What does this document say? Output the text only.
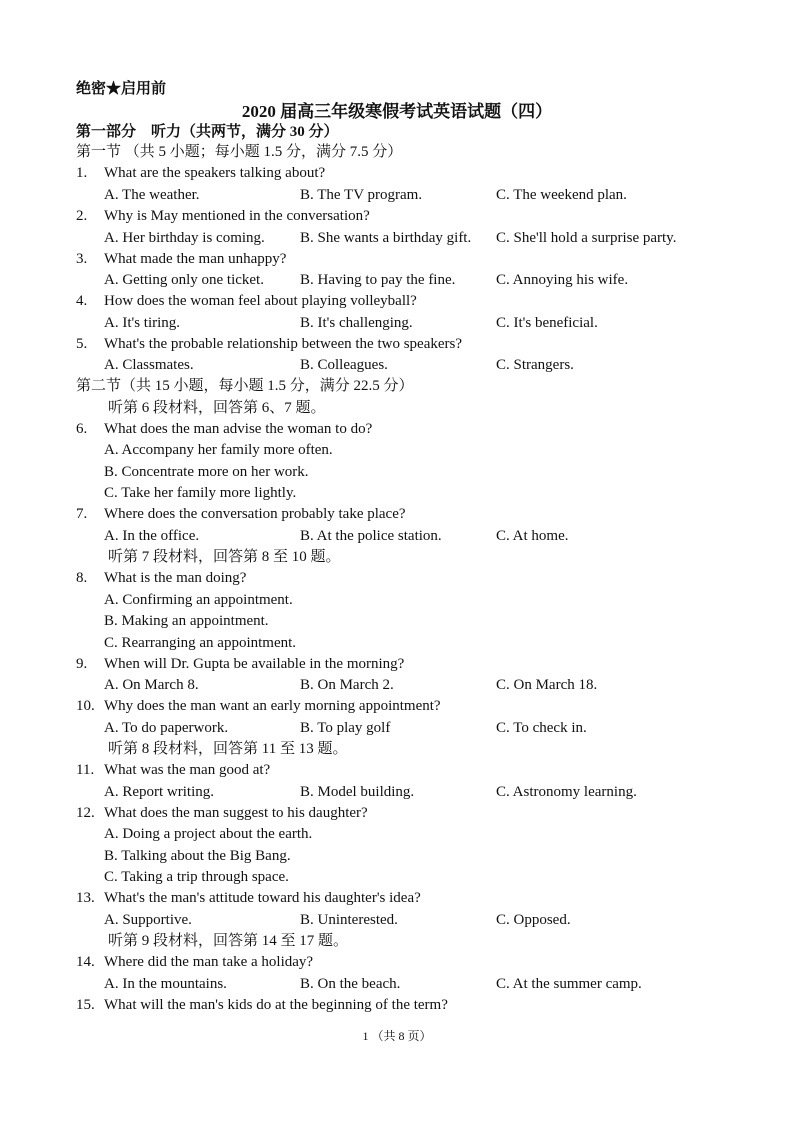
绝密★启用前
2020 届高三年级寒假考试英语试题（四）
第一部分　听力（共两节，满分 30 分）
第一节 （共 5 小题；每小题 1.5 分，满分 7.5 分）
1. What are the speakers talking about?
A. The weather.	B. The TV program.	C. The weekend plan.
2. Why is May mentioned in the conversation?
A. Her birthday is coming. B. She wants a birthday gift. C. She'll hold a surprise party.
3. What made the man unhappy?
A. Getting only one ticket. B. Having to pay the fine.	C. Annoying his wife.
4. How does the woman feel about playing volleyball?
A. It's tiring.	B. It's challenging.	C. It's beneficial.
5. What's the probable relationship between the two speakers?
A. Classmates.	B. Colleagues.	C. Strangers.
第二节（共 15 小题，每小题 1.5 分，满分 22.5 分）
听第 6 段材料，回答第 6、7 题。
6. What does the man advise the woman to do?
A. Accompany her family more often.
B. Concentrate more on her work.
C. Take her family more lightly.
7. Where does the conversation probably take place?
A. In the office.	B. At the police station.	C. At home.
听第 7 段材料，回答第 8 至 10 题。
8. What is the man doing?
A. Confirming an appointment.
B. Making an appointment.
C. Rearranging an appointment.
9. When will Dr. Gupta be available in the morning?
A. On March 8.	B. On March 2.	C. On March 18.
10. Why does the man want an early morning appointment?
A. To do paperwork.	B. To play golf	C. To check in.
听第 8 段材料，回答第 11 至 13 题。
11. What was the man good at?
A. Report writing.	B. Model building.	C. Astronomy learning.
12. What does the man suggest to his daughter?
A. Doing a project about the earth.
B. Talking about the Big Bang.
C. Taking a trip through space.
13. What's the man's attitude toward his daughter's idea?
A. Supportive.	B. Uninterested.	C. Opposed.
听第 9 段材料，回答第 14 至 17 题。
14. Where did the man take a holiday?
A. In the mountains.	B. On the beach.	C. At the summer camp.
15. What will the man's kids do at the beginning of the term?
1 （共 8 页）
